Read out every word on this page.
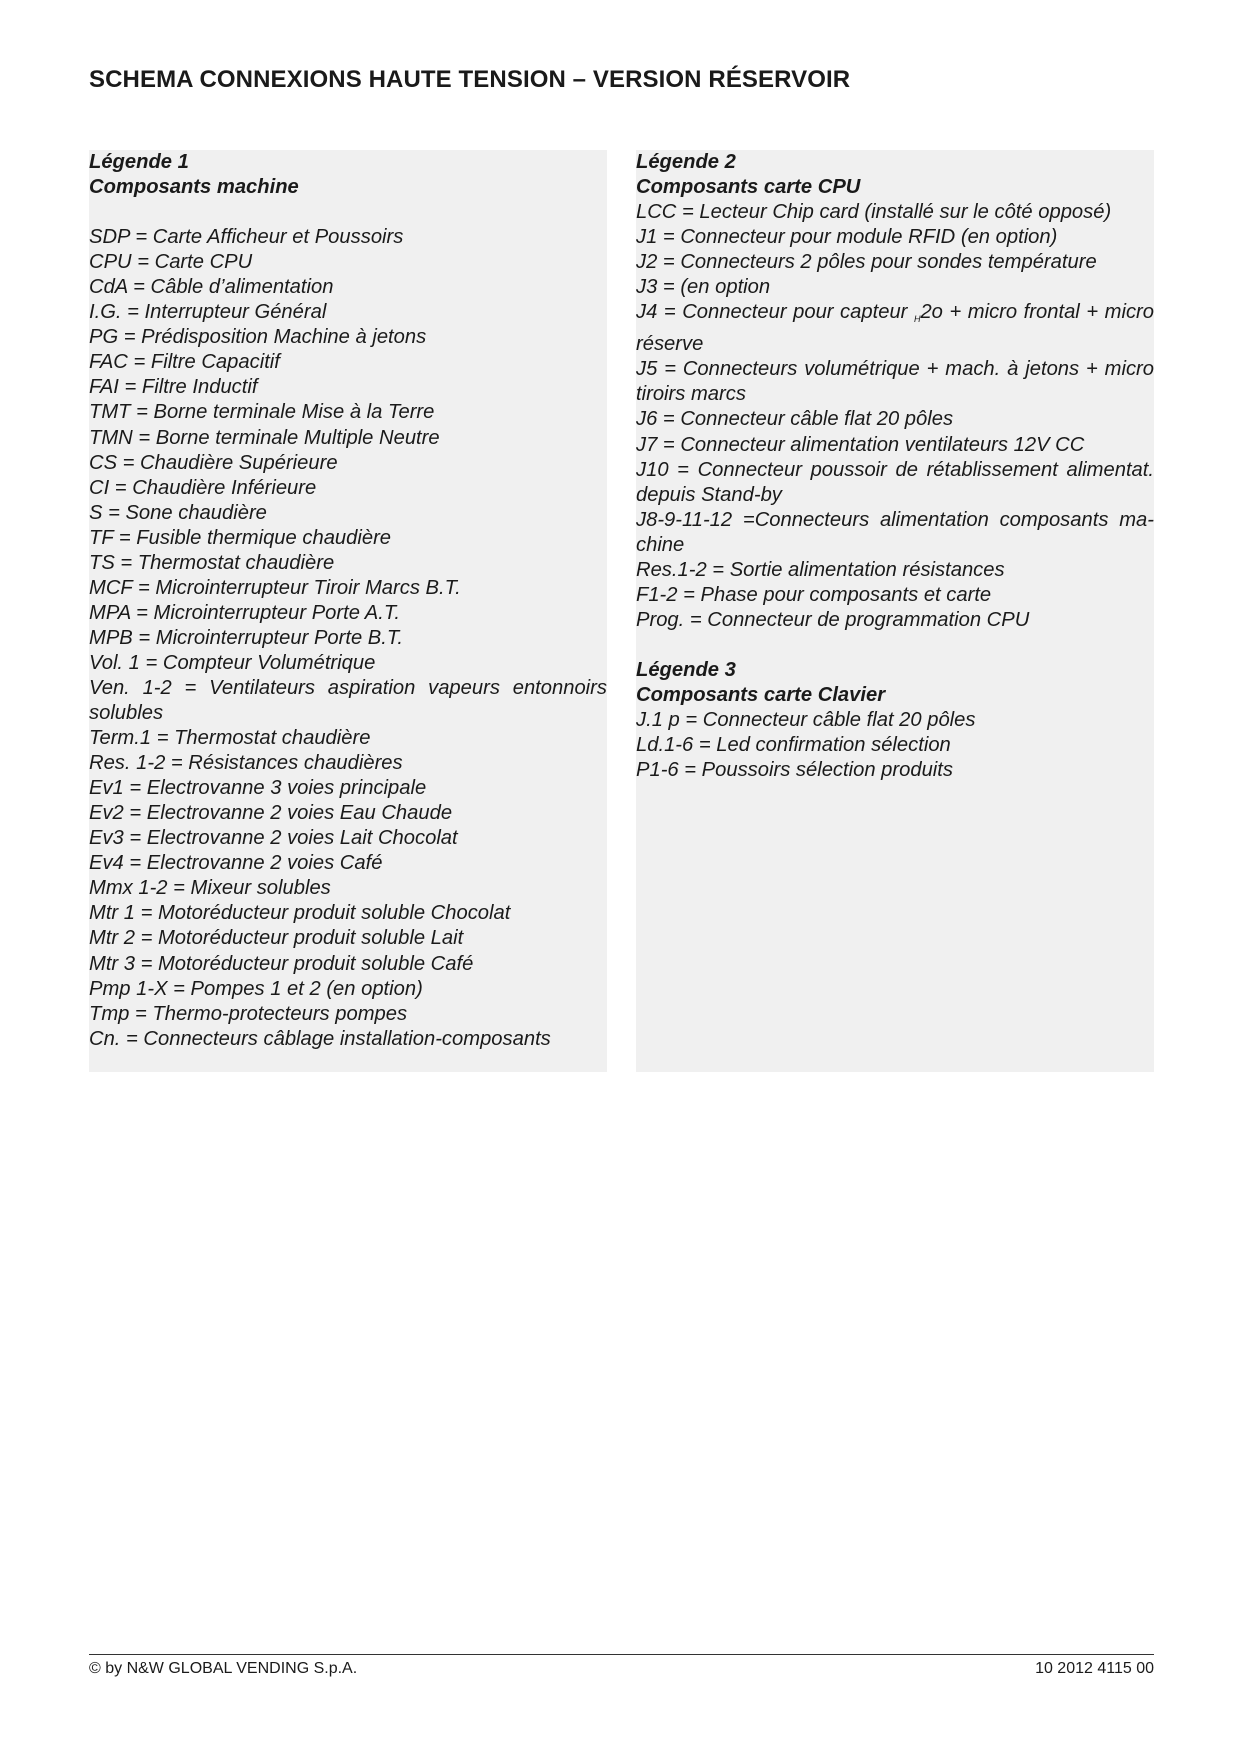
SCHEMA CONNEXIONS HAUTE TENSION – VERSION RÉSERVOIR

Légende 1

Composants machine

SDP = Carte Afficheur et Poussoirs

CPU = Carte CPU

CdA = Câble d’alimentation

I.G. = Interrupteur Général

PG = Prédisposition Machine à jetons

FAC = Filtre Capacitif

FAI = Filtre Inductif

TMT = Borne terminale Mise à la Terre

TMN = Borne terminale Multiple Neutre

CS = Chaudière Supérieure

CI = Chaudière Inférieure

S = Sone chaudière

TF = Fusible thermique chaudière

TS = Thermostat chaudière

MCF = Microinterrupteur Tiroir Marcs B.T.

MPA = Microinterrupteur Porte A.T.

MPB = Microinterrupteur Porte B.T.

Vol. 1 = Compteur Volumétrique

Ven. 1-2 = Ventilateurs aspiration vapeurs entonnoirs solubles

Term.1 = Thermostat chaudière

Res. 1-2 = Résistances chaudières

Ev1 = Electrovanne 3 voies principale

Ev2 = Electrovanne 2 voies Eau Chaude

Ev3 = Electrovanne 2 voies Lait Chocolat

Ev4 = Electrovanne 2 voies Café

Mmx 1-2 = Mixeur solubles

Mtr 1 = Motoréducteur produit soluble Chocolat

Mtr 2 = Motoréducteur produit soluble Lait

Mtr 3 = Motoréducteur produit soluble Café

Pmp 1-X = Pompes 1 et 2 (en option)

Tmp = Thermo-protecteurs pompes

Cn. = Connecteurs câblage installation-composants

Légende 2

Composants carte CPU

LCC = Lecteur Chip card (installé sur le côté opposé)

J1 = Connecteur pour module RFID (en option)

J2 = Connecteurs 2 pôles pour sondes température

J3 = (en option

J4 = Connecteur pour capteur $_H$2o + micro frontal + micro réserve

J5 = Connecteurs volumétrique + mach. à jetons + micro tiroirs marcs

J6 = Connecteur câble flat 20 pôles

J7 = Connecteur alimentation ventilateurs 12V CC

J10 = Connecteur poussoir de rétablissement alimentat. depuis Stand-by

J8-9-11-12 =Connecteurs alimentation composants machine

Res.1-2 = Sortie alimentation résistances

F1-2 = Phase pour composants et carte

Prog. = Connecteur de programmation CPU

Légende 3

Composants carte Clavier

J.1 p = Connecteur câble flat 20 pôles

Ld.1-6 = Led confirmation sélection

P1-6 = Poussoirs sélection produits

© by N&W GLOBAL VENDING S.p.A.	10 2012 4115 00
